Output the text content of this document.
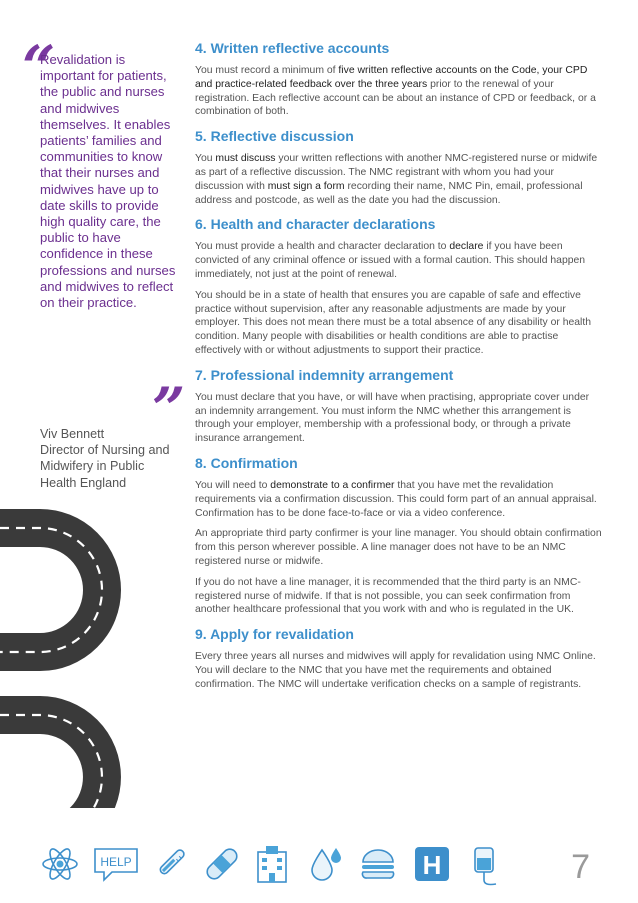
“
Revalidation is important for patients, the public and nurses and midwives themselves. It enables patients’ families and communities to know that their nurses and midwives have up to date skills to provide high quality care, the public to have confidence in these professions and nurses and midwives to reflect on their practice.
”
Viv Bennett
Director of Nursing and Midwifery in Public Health England
4. Written reflective accounts

You must record a minimum of five written reflective accounts on the Code, your CPD and practice-related feedback over the three years prior to the renewal of your registration. Each reflective account can be about an instance of CPD or feedback, or a combination of both.

5. Reflective discussion

You must discuss your written reflections with another NMC-registered nurse or midwife as part of a reflective discussion. The NMC registrant with whom you had your discussion with must sign a form recording their name, NMC Pin, email, professional address and postcode, as well as the date you had the discussion.

6. Health and character declarations

You must provide a health and character declaration to declare if you have been convicted of any criminal offence or issued with a formal caution. This should happen immediately, not just at the point of renewal.

You should be in a state of health that ensures you are capable of safe and effective practice without supervision, after any reasonable adjustments are made by your employer. This does not mean there must be a total absence of any disability or health condition. Many people with disabilities or health conditions are able to practise effectively with or without adjustments to support their practice.

7. Professional indemnity arrangement

You must declare that you have, or will have when practising, appropriate cover under an indemnity arrangement. You must inform the NMC whether this arrangement is through your employer, membership with a professional body, or through a private insurance arrangement.

8. Confirmation

You will need to demonstrate to a confirmer that you have met the revalidation requirements via a confirmation discussion. This could form part of an annual appraisal. Confirmation has to be done face-to-face or via a video conference.

An appropriate third party confirmer is your line manager. You should obtain confirmation from this person wherever possible. A line manager does not have to be an NMC registered nurse or midwife.

If you do not have a line manager, it is recommended that the third party is an NMC-registered nurse of midwife. If that is not possible, you can seek confirmation from another healthcare professional that you work with and who is regulated in the UK.

9. Apply for revalidation

Every three years all nurses and midwives will apply for revalidation using NMC Online. You will declare to the NMC that you have met the requirements and obtained confirmation. The NMC will undertake verification checks on a sample of registrants.

HELP	H	7
